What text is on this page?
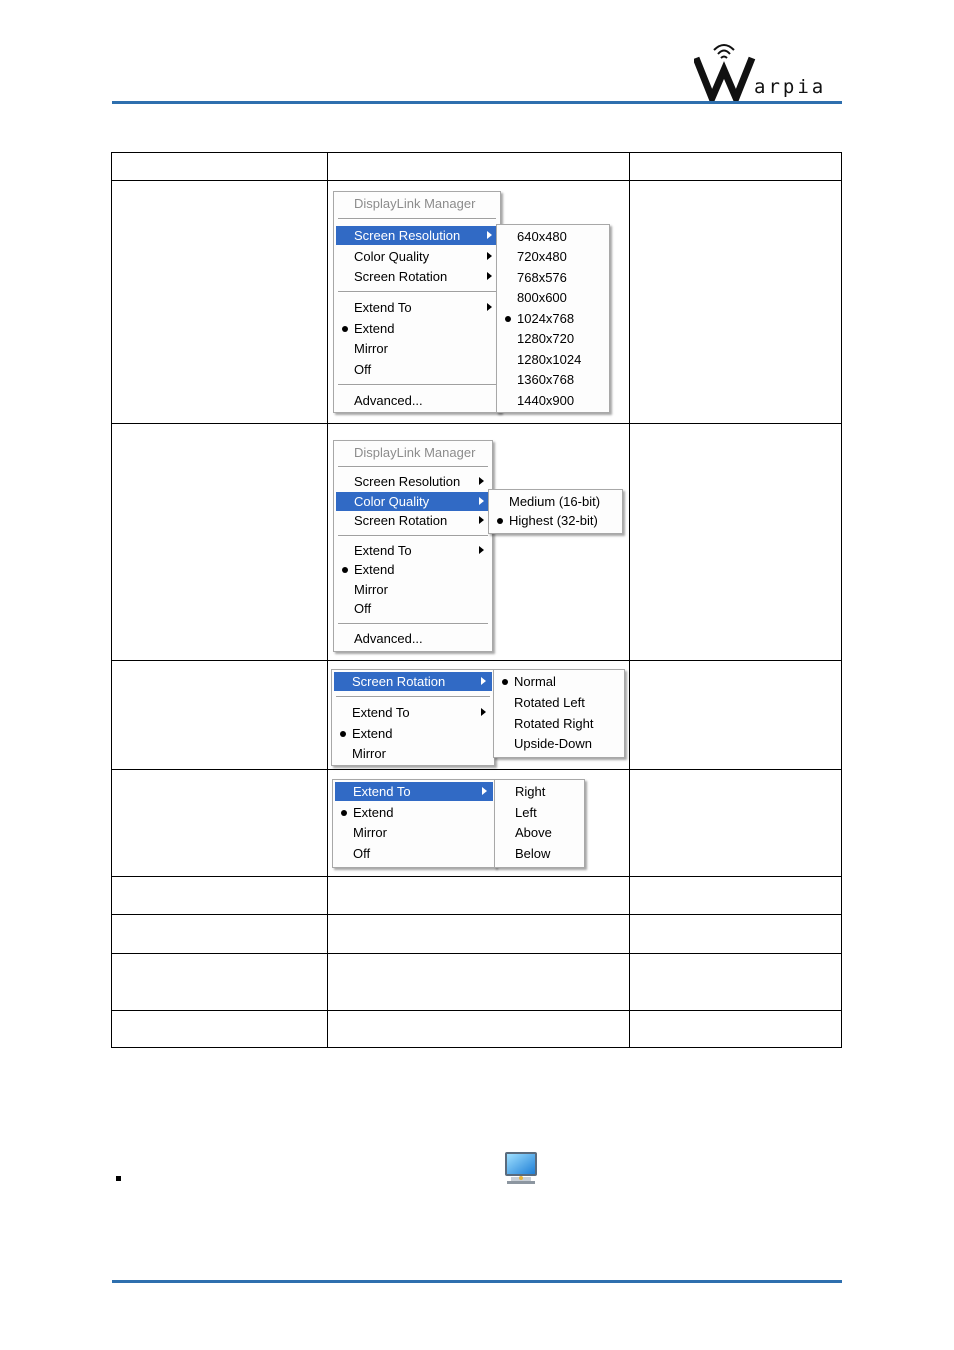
arpia
DisplayLink Manager
Screen Resolution
Color Quality
Screen Rotation
Extend To
Extend
Mirror
Off
Advanced...
640x480
720x480
768x576
800x600
1024x768
1280x720
1280x1024
1360x768
1440x900
DisplayLink Manager
Screen Resolution
Color Quality
Screen Rotation
Extend To
Extend
Mirror
Off
Advanced...
Medium (16-bit)
Highest (32-bit)
Screen Rotation
Extend To
Extend
Mirror
Normal
Rotated Left
Rotated Right
Upside-Down
Extend To
Extend
Mirror
Off
Right
Left
Above
Below
